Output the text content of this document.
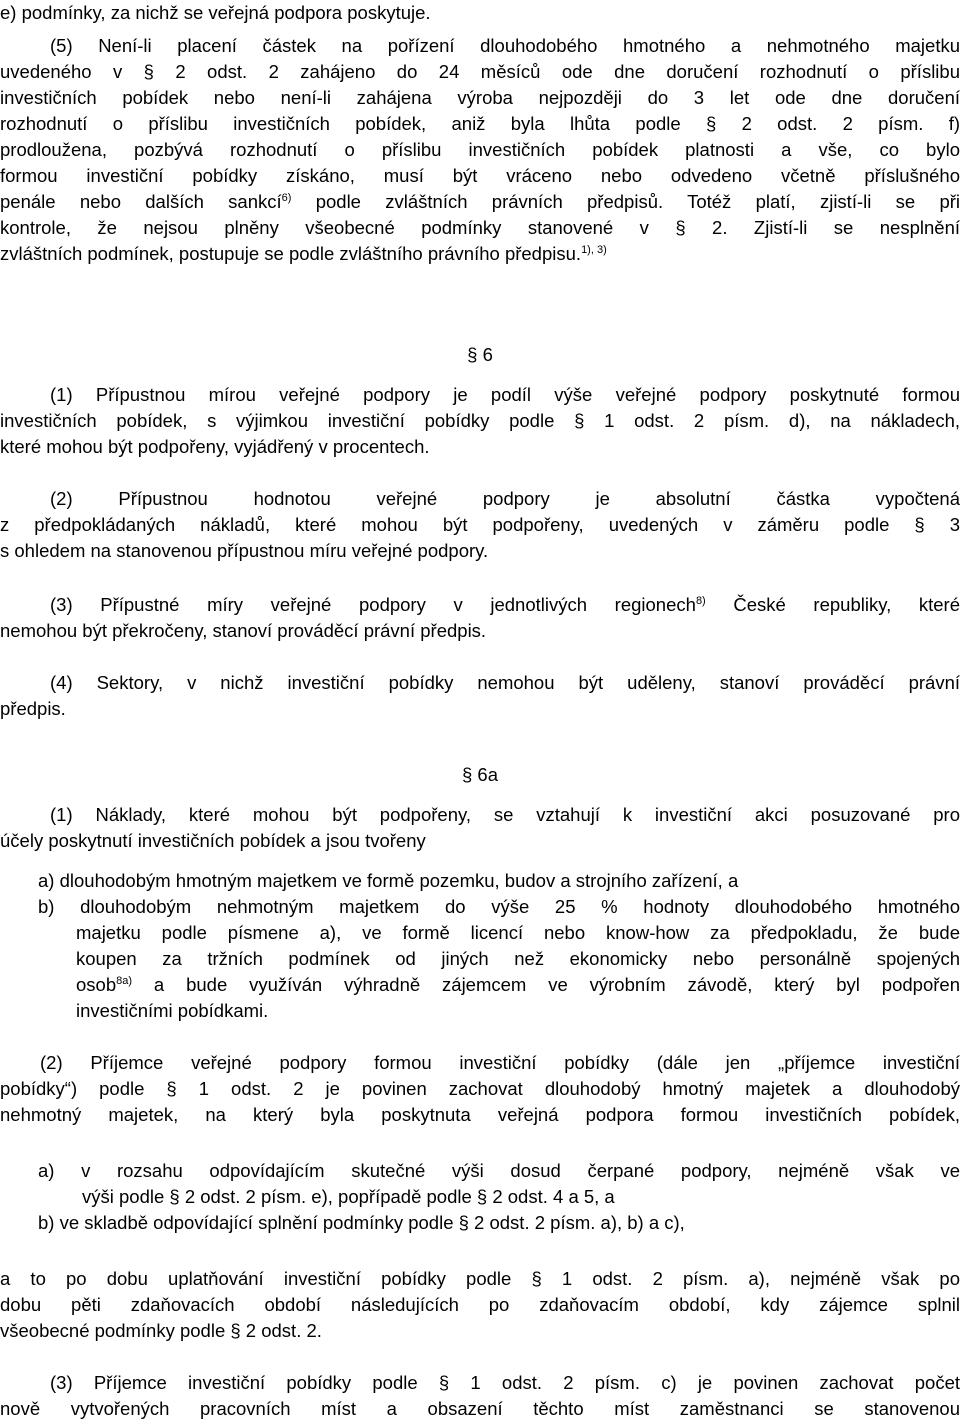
e) podmínky, za nichž se veřejná podpora poskytuje.
(5) Není-li placení částek na pořízení dlouhodobého hmotného a nehmotného majetku
uvedeného v § 2 odst. 2 zahájeno do 24 měsíců ode dne doručení rozhodnutí o příslibu
investičních pobídek nebo není-li zahájena výroba nejpozději do 3 let ode dne doručení
rozhodnutí o příslibu investičních pobídek, aniž byla lhůta podle § 2 odst. 2 písm. f)
prodloužena, pozbývá rozhodnutí o příslibu investičních pobídek platnosti a vše, co bylo
formou investiční pobídky získáno, musí být vráceno nebo odvedeno včetně příslušného
penále nebo dalších sankcí$^{6)}$ podle zvláštních právních předpisů. Totéž platí, zjistí-li se při
kontrole, že nejsou plněny všeobecné podmínky stanovené v § 2. Zjistí-li se nesplnění
zvláštních podmínek, postupuje se podle zvláštního právního předpisu.$^{1), 3)}$
§ 6
(1) Přípustnou mírou veřejné podpory je podíl výše veřejné podpory poskytnuté formou
investičních pobídek, s výjimkou investiční pobídky podle § 1 odst. 2 písm. d), na nákladech,
které mohou být podpořeny, vyjádřený v procentech.
(2) Přípustnou hodnotou veřejné podpory je absolutní částka vypočtená
z předpokládaných nákladů, které mohou být podpořeny, uvedených v záměru podle § 3
s ohledem na stanovenou přípustnou míru veřejné podpory.
(3) Přípustné míry veřejné podpory v jednotlivých regionech$^{8)}$ České republiky, které
nemohou být překročeny, stanoví prováděcí právní předpis.
(4) Sektory, v nichž investiční pobídky nemohou být uděleny, stanoví prováděcí právní
předpis.
§ 6a
(1) Náklady, které mohou být podpořeny, se vztahují k investiční akci posuzované pro
účely poskytnutí investičních pobídek a jsou tvořeny
a) dlouhodobým hmotným majetkem ve formě pozemku, budov a strojního zařízení, a
b) dlouhodobým nehmotným majetkem do výše 25 % hodnoty dlouhodobého hmotného
majetku podle písmene a), ve formě licencí nebo know-how za předpokladu, že bude
koupen za tržních podmínek od jiných než ekonomicky nebo personálně spojených
osob$^{8a)}$ a bude využíván výhradně zájemcem ve výrobním závodě, který byl podpořen
investičními pobídkami.
(2) Příjemce veřejné podpory formou investiční pobídky (dále jen „příjemce investiční
pobídky“) podle § 1 odst. 2 je povinen zachovat dlouhodobý hmotný majetek a dlouhodobý
nehmotný majetek, na který byla poskytnuta veřejná podpora formou investičních pobídek,
a) v rozsahu odpovídajícím skutečné výši dosud čerpané podpory, nejméně však ve
výši podle § 2 odst. 2 písm. e), popřípadě podle § 2 odst. 4 a 5, a
b) ve skladbě odpovídající splnění podmínky podle § 2 odst. 2 písm. a), b) a c),
a to po dobu uplatňování investiční pobídky podle § 1 odst. 2 písm. a), nejméně však po
dobu pěti zdaňovacích období následujících po zdaňovacím období, kdy zájemce splnil
všeobecné podmínky podle § 2 odst. 2.
(3) Příjemce investiční pobídky podle § 1 odst. 2 písm. c) je povinen zachovat počet
nově vytvořených pracovních míst a obsazení těchto míst zaměstnanci se stanovenou
